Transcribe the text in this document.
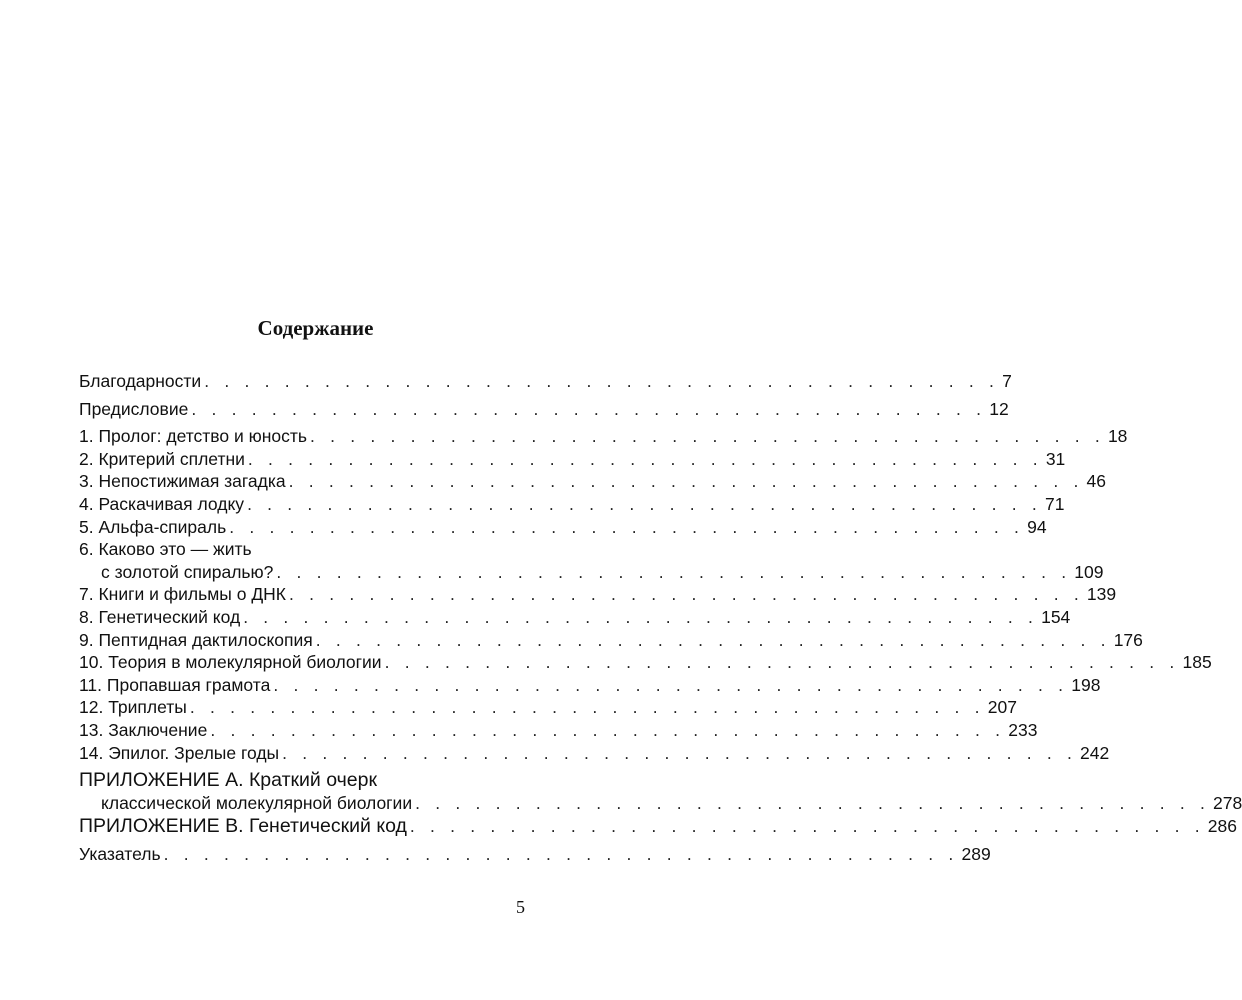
Содержание
Благодарности . . . . . . . . . . . . . . . . . . . . . . . . . . . . . . . . . . . . . . . . 7
Предисловие . . . . . . . . . . . . . . . . . . . . . . . . . . . . . . . . . . . . . . . . 12
1. Пролог: детство и юность . . . . . . . . . . . . . . . . . . . . . . . . . . . . . . . . . . . . . . . . 18
2. Критерий сплетни . . . . . . . . . . . . . . . . . . . . . . . . . . . . . . . . . . . . . . . . 31
3. Непостижимая загадка . . . . . . . . . . . . . . . . . . . . . . . . . . . . . . . . . . . . . . . . 46
4. Раскачивая лодку . . . . . . . . . . . . . . . . . . . . . . . . . . . . . . . . . . . . . . . . 71
5. Альфа-спираль . . . . . . . . . . . . . . . . . . . . . . . . . . . . . . . . . . . . . . . . 94
6. Каково это — жить
с золотой спиралью? . . . . . . . . . . . . . . . . . . . . . . . . . . . . . . . . . . . . . . . . 109
7. Книги и фильмы о ДНК . . . . . . . . . . . . . . . . . . . . . . . . . . . . . . . . . . . . . . . . 139
8. Генетический код . . . . . . . . . . . . . . . . . . . . . . . . . . . . . . . . . . . . . . . . 154
9. Пептидная дактилоскопия . . . . . . . . . . . . . . . . . . . . . . . . . . . . . . . . . . . . . . . . 176
10. Теория в молекулярной биологии . . . . . . . . . . . . . . . . . . . . . . . . . . . . . . . . . . . . . . . . 185
11. Пропавшая грамота . . . . . . . . . . . . . . . . . . . . . . . . . . . . . . . . . . . . . . . . 198
12. Триплеты . . . . . . . . . . . . . . . . . . . . . . . . . . . . . . . . . . . . . . . . 207
13. Заключение . . . . . . . . . . . . . . . . . . . . . . . . . . . . . . . . . . . . . . . . 233
14. Эпилог. Зрелые годы . . . . . . . . . . . . . . . . . . . . . . . . . . . . . . . . . . . . . . . . 242
ПРИЛОЖЕНИЕ А. Краткий очерк
классической молекулярной биологии . . . . . . . . . . . . . . . . . . . . . . . . . . . . . . . . . . . . . . . . 278
ПРИЛОЖЕНИЕ В. Генетический код . . . . . . . . . . . . . . . . . . . . . . . . . . . . . . . . . . . . . . . . 286
Указатель . . . . . . . . . . . . . . . . . . . . . . . . . . . . . . . . . . . . . . . . 289
5
